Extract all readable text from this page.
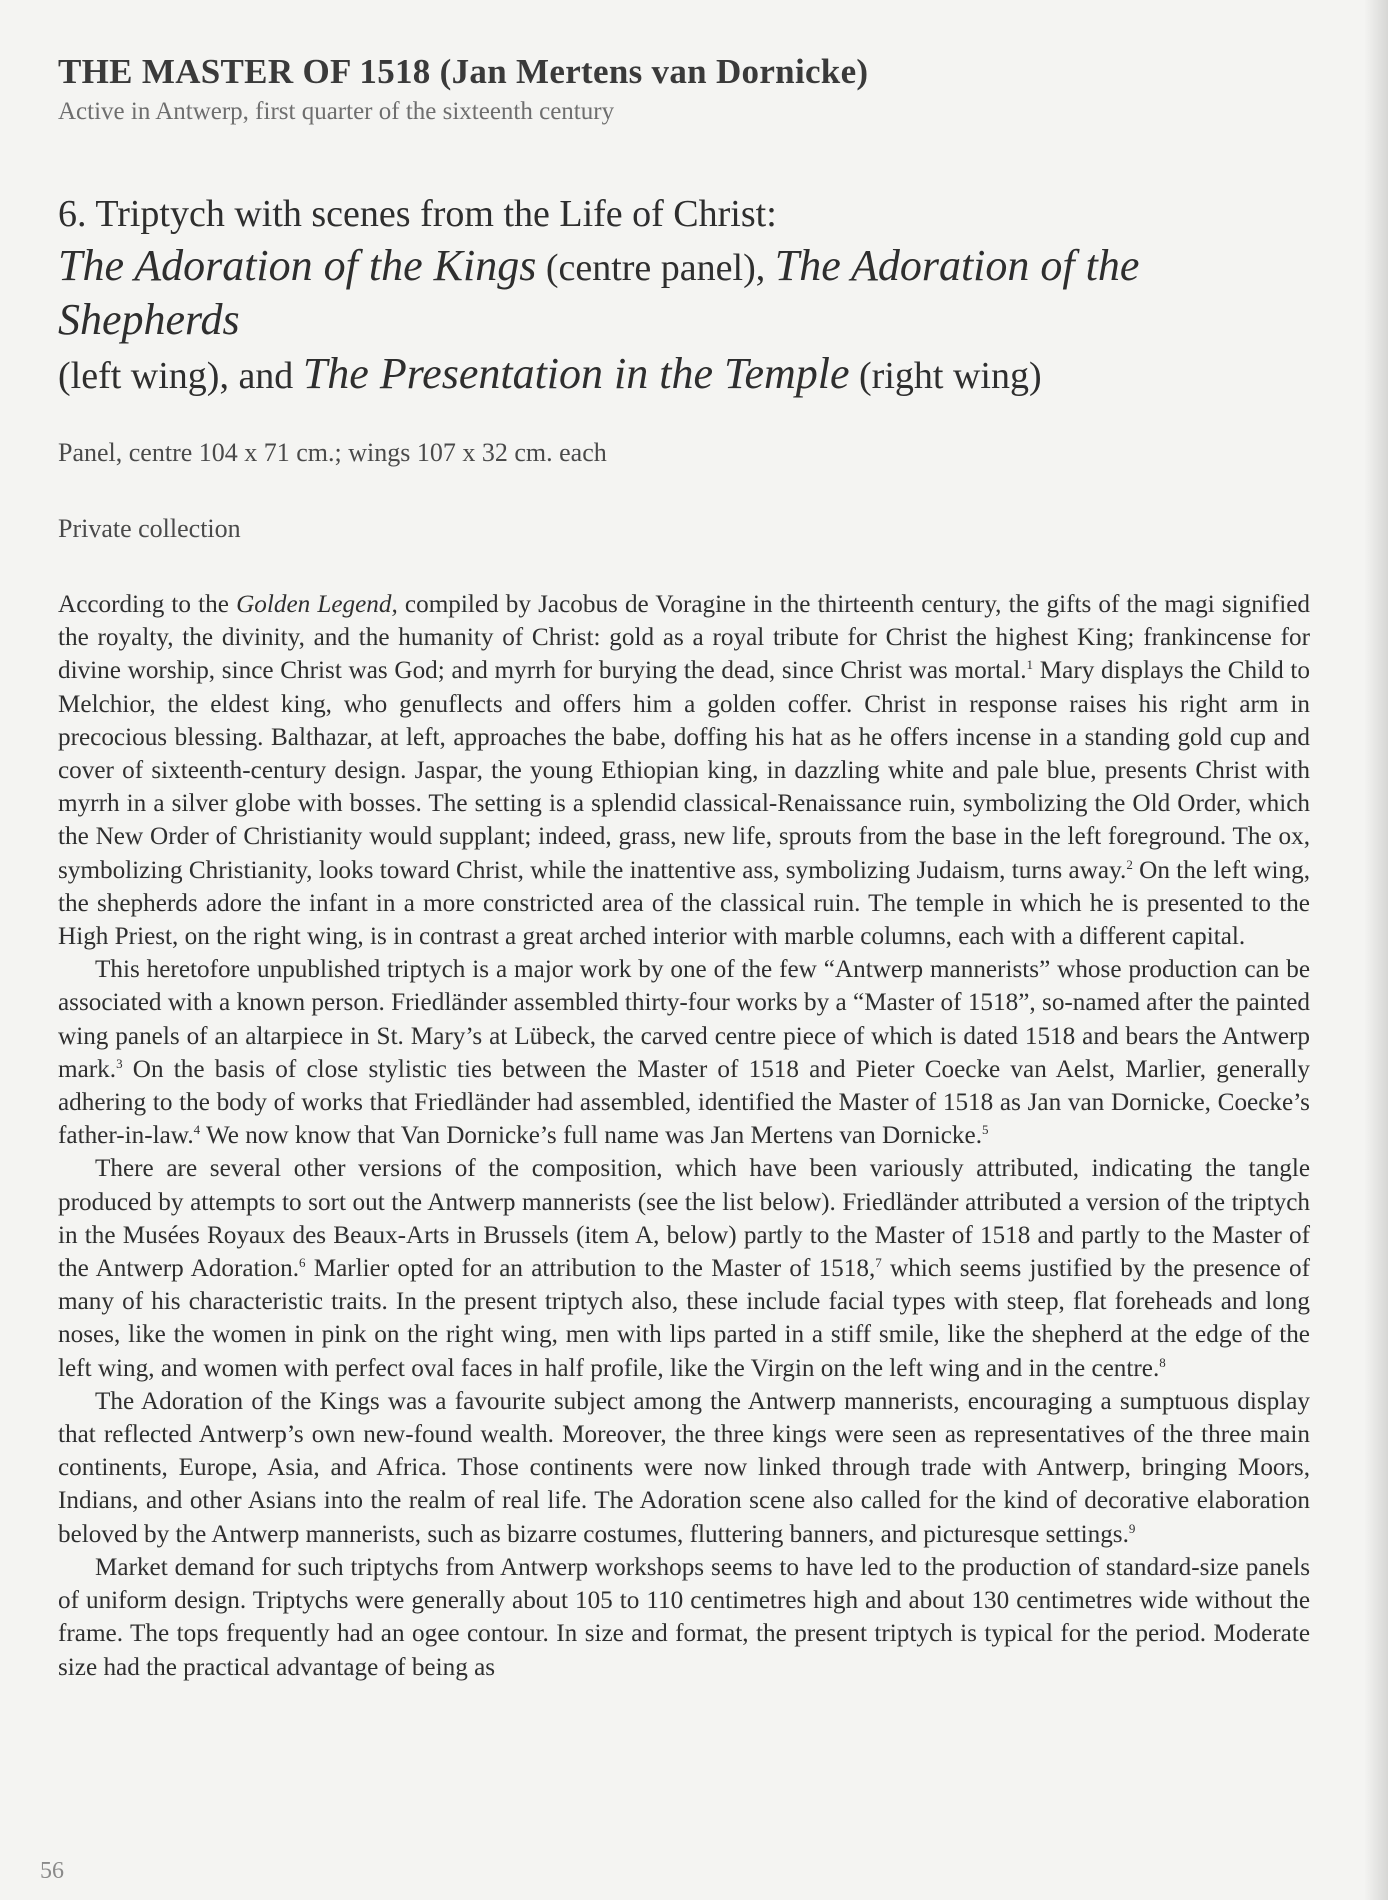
THE MASTER OF 1518 (Jan Mertens van Dornicke)

Active in Antwerp, first quarter of the sixteenth century

6. Triptych with scenes from the Life of Christ:
The Adoration of the Kings (centre panel), The Adoration of the Shepherds
(left wing), and The Presentation in the Temple (right wing)

Panel, centre 104 x 71 cm.; wings 107 x 32 cm. each

Private collection

According to the Golden Legend, compiled by Jacobus de Voragine in the thirteenth century, the gifts of the magi signified the royalty, the divinity, and the humanity of Christ: gold as a royal tribute for Christ the highest King; frankincense for divine worship, since Christ was God; and myrrh for burying the dead, since Christ was mortal.$^1$ Mary displays the Child to Melchior, the eldest king, who genuflects and offers him a golden coffer. Christ in response raises his right arm in precocious blessing. Balthazar, at left, approaches the babe, doffing his hat as he offers incense in a standing gold cup and cover of sixteenth-century design. Jaspar, the young Ethiopian king, in dazzling white and pale blue, presents Christ with myrrh in a silver globe with bosses. The setting is a splendid classical-Renaissance ruin, symbolizing the Old Order, which the New Order of Christianity would supplant; indeed, grass, new life, sprouts from the base in the left foreground. The ox, symbolizing Christianity, looks toward Christ, while the inattentive ass, symbolizing Judaism, turns away.$^2$ On the left wing, the shepherds adore the infant in a more constricted area of the classical ruin. The temple in which he is presented to the High Priest, on the right wing, is in contrast a great arched interior with marble columns, each with a different capital.

This heretofore unpublished triptych is a major work by one of the few “Antwerp mannerists” whose production can be associated with a known person. Friedländer assembled thirty-four works by a “Master of 1518”, so-named after the painted wing panels of an altarpiece in St. Mary’s at Lübeck, the carved centre piece of which is dated 1518 and bears the Antwerp mark.$^3$ On the basis of close stylistic ties between the Master of 1518 and Pieter Coecke van Aelst, Marlier, generally adhering to the body of works that Friedländer had assembled, identified the Master of 1518 as Jan van Dornicke, Coecke’s father-in-law.$^4$ We now know that Van Dornicke’s full name was Jan Mertens van Dornicke.$^5$

There are several other versions of the composition, which have been variously attributed, indicating the tangle produced by attempts to sort out the Antwerp mannerists (see the list below). Friedländer attributed a version of the triptych in the Musées Royaux des Beaux-Arts in Brussels (item A, below) partly to the Master of 1518 and partly to the Master of the Antwerp Adoration.$^6$ Marlier opted for an attribution to the Master of 1518,$^7$ which seems justified by the presence of many of his characteristic traits. In the present triptych also, these include facial types with steep, flat foreheads and long noses, like the women in pink on the right wing, men with lips parted in a stiff smile, like the shepherd at the edge of the left wing, and women with perfect oval faces in half profile, like the Virgin on the left wing and in the centre.$^8$

The Adoration of the Kings was a favourite subject among the Antwerp mannerists, encouraging a sumptuous display that reflected Antwerp’s own new-found wealth. Moreover, the three kings were seen as representatives of the three main continents, Europe, Asia, and Africa. Those continents were now linked through trade with Antwerp, bringing Moors, Indians, and other Asians into the realm of real life. The Adoration scene also called for the kind of decorative elaboration beloved by the Antwerp mannerists, such as bizarre costumes, fluttering banners, and picturesque settings.$^9$

Market demand for such triptychs from Antwerp workshops seems to have led to the production of standard-size panels of uniform design. Triptychs were generally about 105 to 110 centimetres high and about 130 centimetres wide without the frame. The tops frequently had an ogee contour. In size and format, the present triptych is typical for the period. Moderate size had the practical advantage of being as

56
